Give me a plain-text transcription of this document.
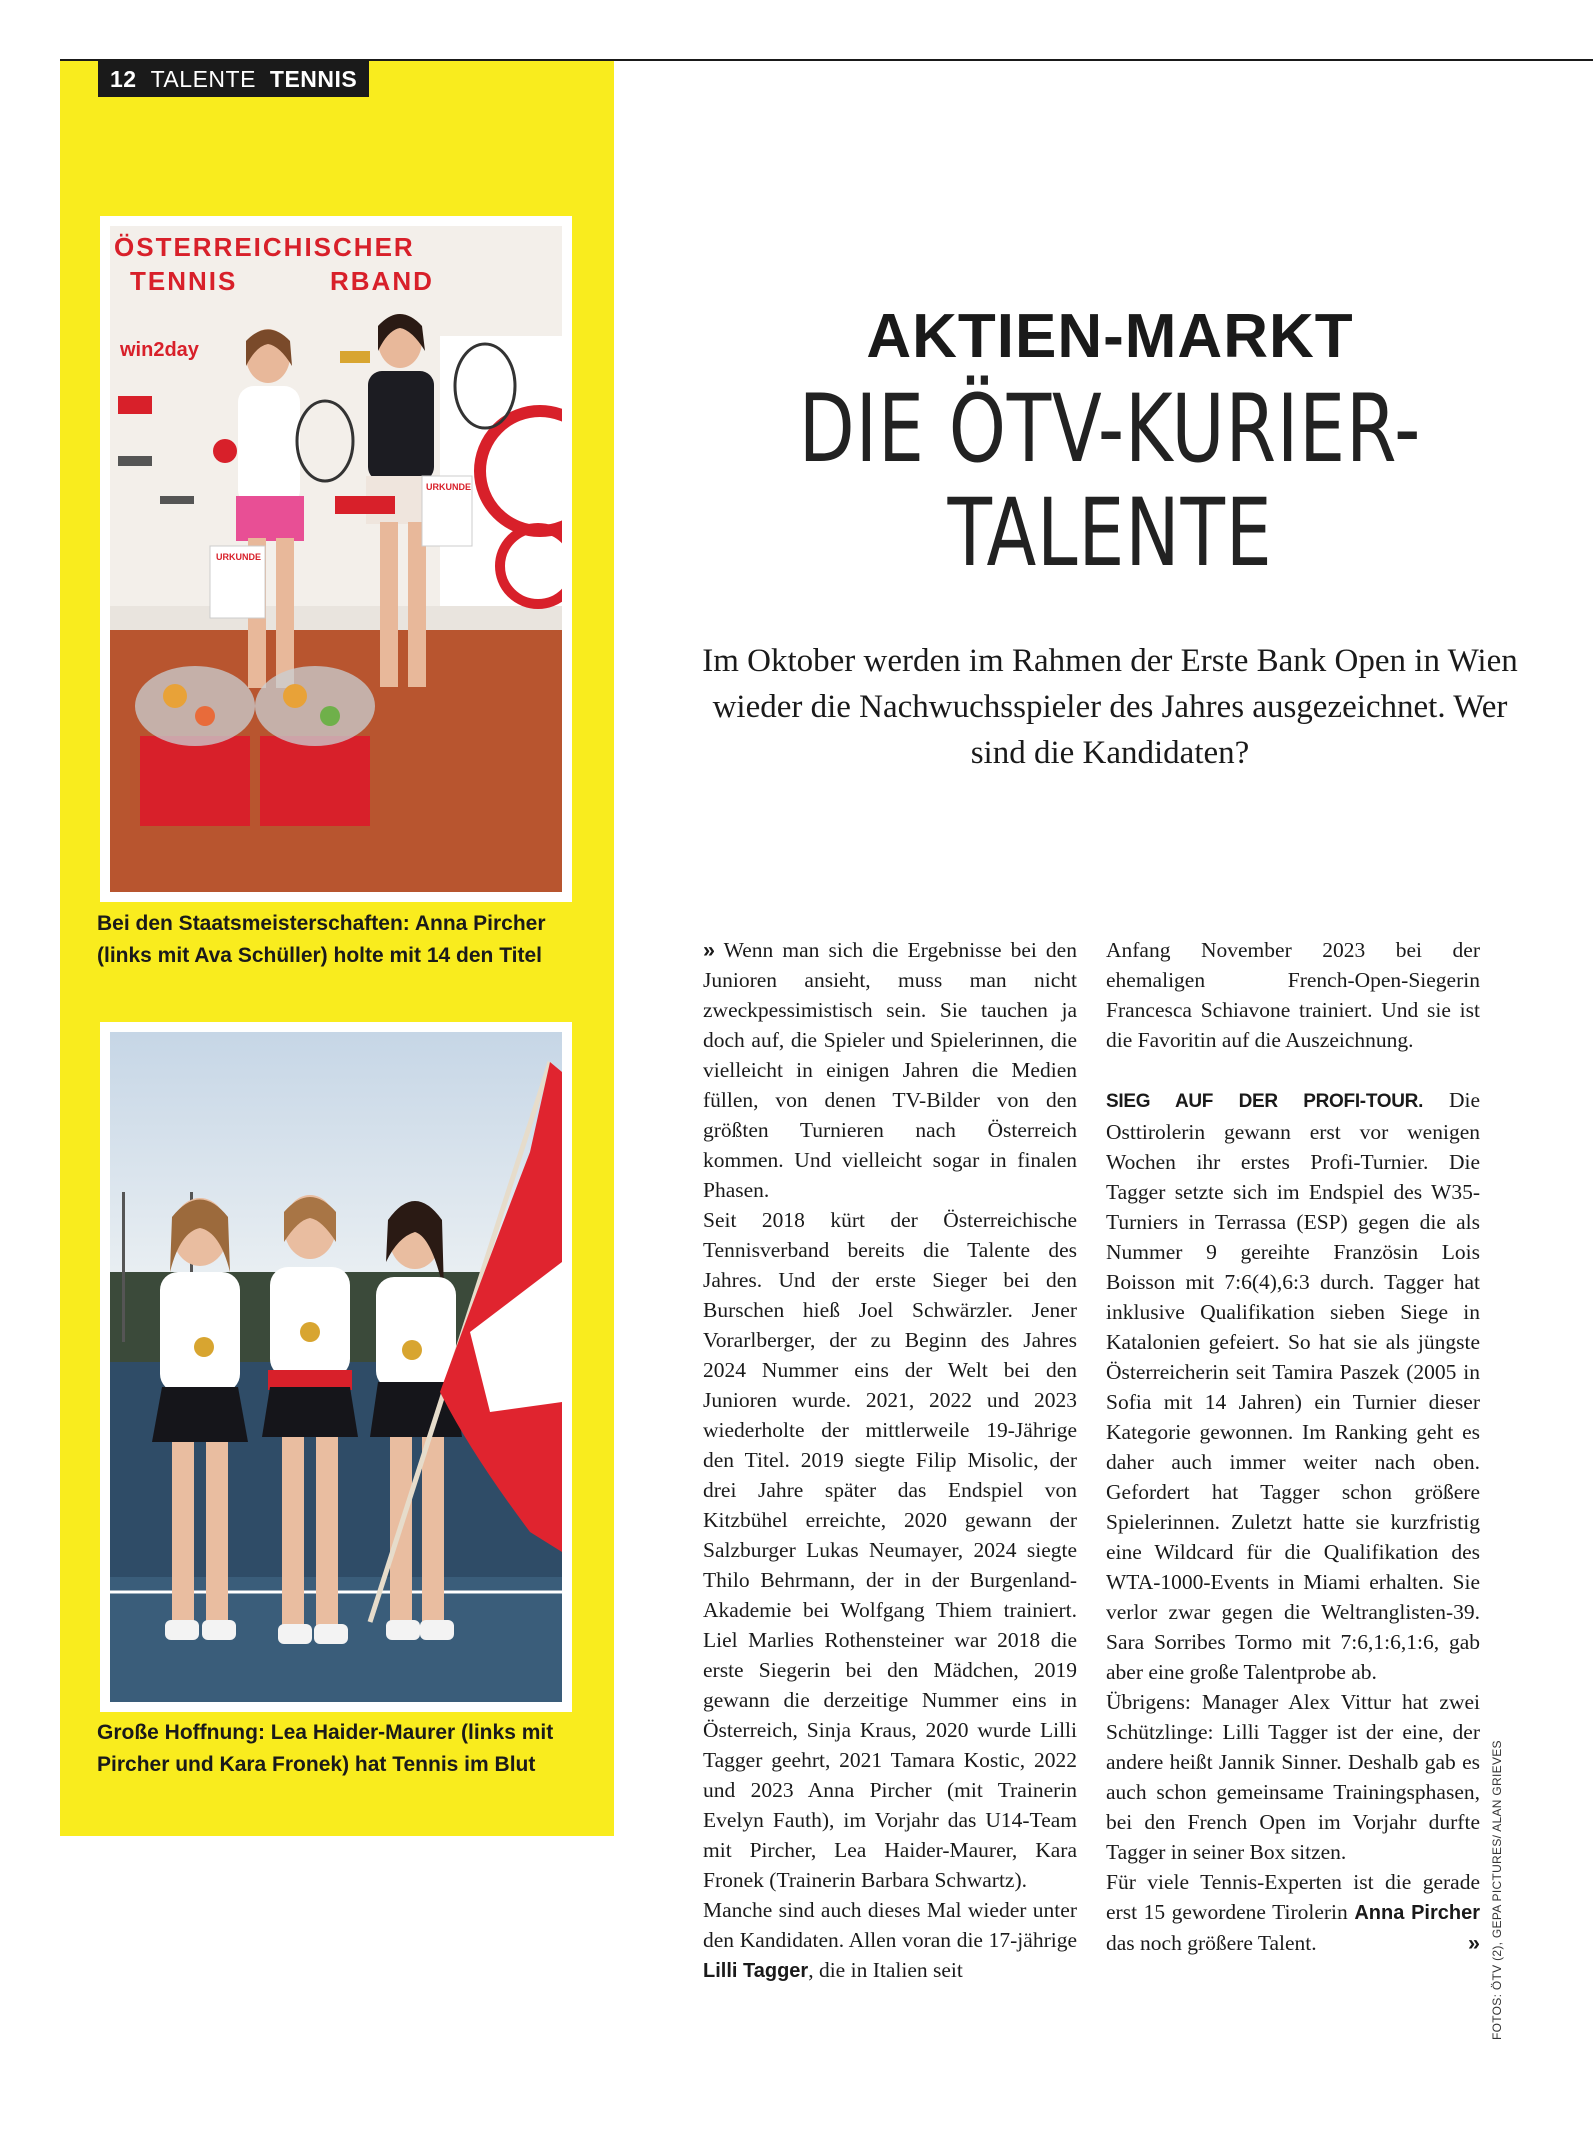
12 TALENTE TENNIS
ÖSTERREICHISCHER
TENNIS	RBAND
win2day
URKUNDE
URKUNDE
Bei den Staatsmeisterschaften: Anna Pircher (links mit Ava Schüller) holte mit 14 den Titel
Große Hoffnung: Lea Haider-Maurer (links mit Pircher und Kara Fronek) hat Tennis im Blut
AKTIEN-MARKT
DIE ÖTV-KURIER-
TALENTE
Im Oktober werden im Rahmen der Erste Bank Open in Wien wieder die Nachwuchsspieler des Jahres ausgezeichnet. Wer sind die Kandidaten?

» Wenn man sich die Ergebnisse bei den Junioren ansieht, muss man nicht zweckpessimistisch sein. Sie tauchen ja doch auf, die Spieler und Spielerinnen, die vielleicht in einigen Jahren die Medien füllen, von denen TV-Bilder von den größten Turnieren nach Österreich kommen. Und vielleicht sogar in finalen Phasen.

Seit 2018 kürt der Österreichische Tennisverband bereits die Talente des Jahres. Und der erste Sieger bei den Burschen hieß Joel Schwärzler. Jener Vorarlberger, der zu Beginn des Jahres 2024 Nummer eins der Welt bei den Junioren wurde. 2021, 2022 und 2023 wiederholte der mittlerweile 19-Jährige den Titel. 2019 siegte Filip Misolic, der drei Jahre später das Endspiel von Kitzbühel erreichte, 2020 gewann der Salzburger Lukas Neumayer, 2024 siegte Thilo Behrmann, der in der Burgenland-Akademie bei Wolfgang Thiem trainiert. Liel Marlies Rothensteiner war 2018 die erste Siegerin bei den Mädchen, 2019 gewann die derzeitige Nummer eins in Österreich, Sinja Kraus, 2020 wurde Lilli Tagger geehrt, 2021 Tamara Kostic, 2022 und 2023 Anna Pircher (mit Trainerin Evelyn Fauth), im Vorjahr das U14-Team mit Pircher, Lea Haider-Maurer, Kara Fronek (Trainerin Barbara Schwartz).

Manche sind auch dieses Mal wieder unter den Kandidaten. Allen voran die 17-jährige Lilli Tagger, die in Italien seit

Anfang November 2023 bei der ehemaligen French-Open-Siegerin Francesca Schiavone trainiert. Und sie ist die Favoritin auf die Auszeichnung.

SIEG AUF DER PROFI-TOUR. Die Osttirolerin gewann erst vor wenigen Wochen ihr erstes Profi-Turnier. Die Tagger setzte sich im Endspiel des W35-Turniers in Terrassa (ESP) gegen die als Nummer 9 gereihte Französin Lois Boisson mit 7:6(4),6:3 durch. Tagger hat inklusive Qualifikation sieben Siege in Katalonien gefeiert. So hat sie als jüngste Österreicherin seit Tamira Paszek (2005 in Sofia mit 14 Jahren) ein Turnier dieser Kategorie gewonnen. Im Ranking geht es daher auch immer weiter nach oben. Gefordert hat Tagger schon größere Spielerinnen. Zuletzt hatte sie kurzfristig eine Wildcard für die Qualifikation des WTA-1000-Events in Miami erhalten. Sie verlor zwar gegen die Weltranglisten-39. Sara Sorribes Tormo mit 7:6,1:6,1:6, gab aber eine große Talentprobe ab.

Übrigens: Manager Alex Vittur hat zwei Schützlinge: Lilli Tagger ist der eine, der andere heißt Jannik Sinner. Deshalb gab es auch schon gemeinsame Trainingsphasen, bei den French Open im Vorjahr durfte Tagger in seiner Box sitzen.

Für viele Tennis-Experten ist die gerade erst 15 gewordene Tirolerin Anna Pircher das noch größere Talent.	» FOTOS: ÖTV (2), GEPA PICTURES/ ALAN GRIEVES
